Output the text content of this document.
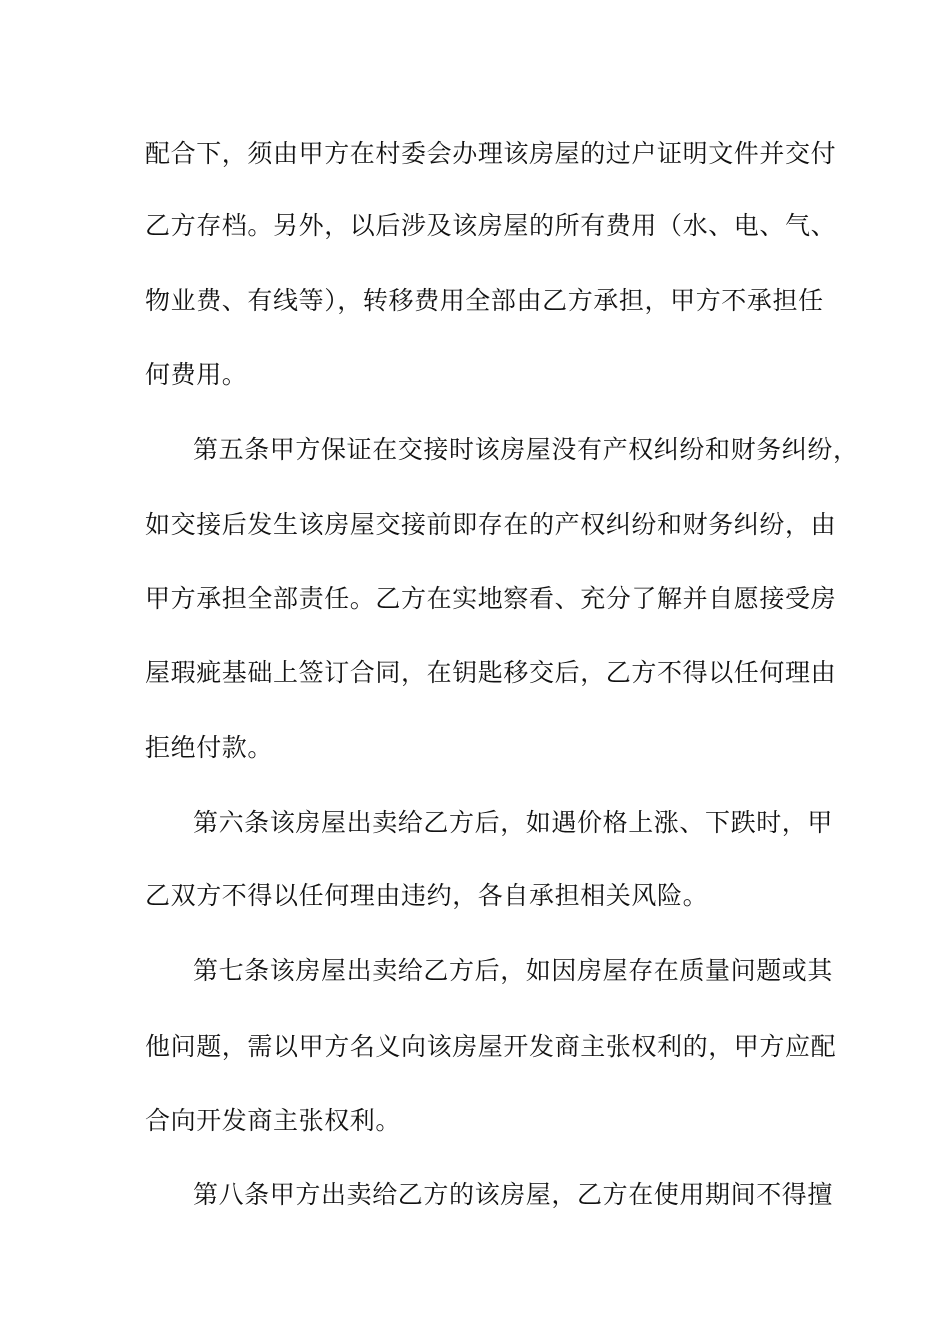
配合下，须由甲方在村委会办理该房屋的过户证明文件并交付
乙方存档。另外，以后涉及该房屋的所有费用（水、电、气、
物业费、有线等），转移费用全部由乙方承担，甲方不承担任
何费用。
第五条甲方保证在交接时该房屋没有产权纠纷和财务纠纷，
如交接后发生该房屋交接前即存在的产权纠纷和财务纠纷，由
甲方承担全部责任。乙方在实地察看、充分了解并自愿接受房
屋瑕疵基础上签订合同，在钥匙移交后，乙方不得以任何理由
拒绝付款。
第六条该房屋出卖给乙方后，如遇价格上涨、下跌时，甲
乙双方不得以任何理由违约，各自承担相关风险。
第七条该房屋出卖给乙方后，如因房屋存在质量问题或其
他问题，需以甲方名义向该房屋开发商主张权利的，甲方应配
合向开发商主张权利。
第八条甲方出卖给乙方的该房屋，乙方在使用期间不得擅
